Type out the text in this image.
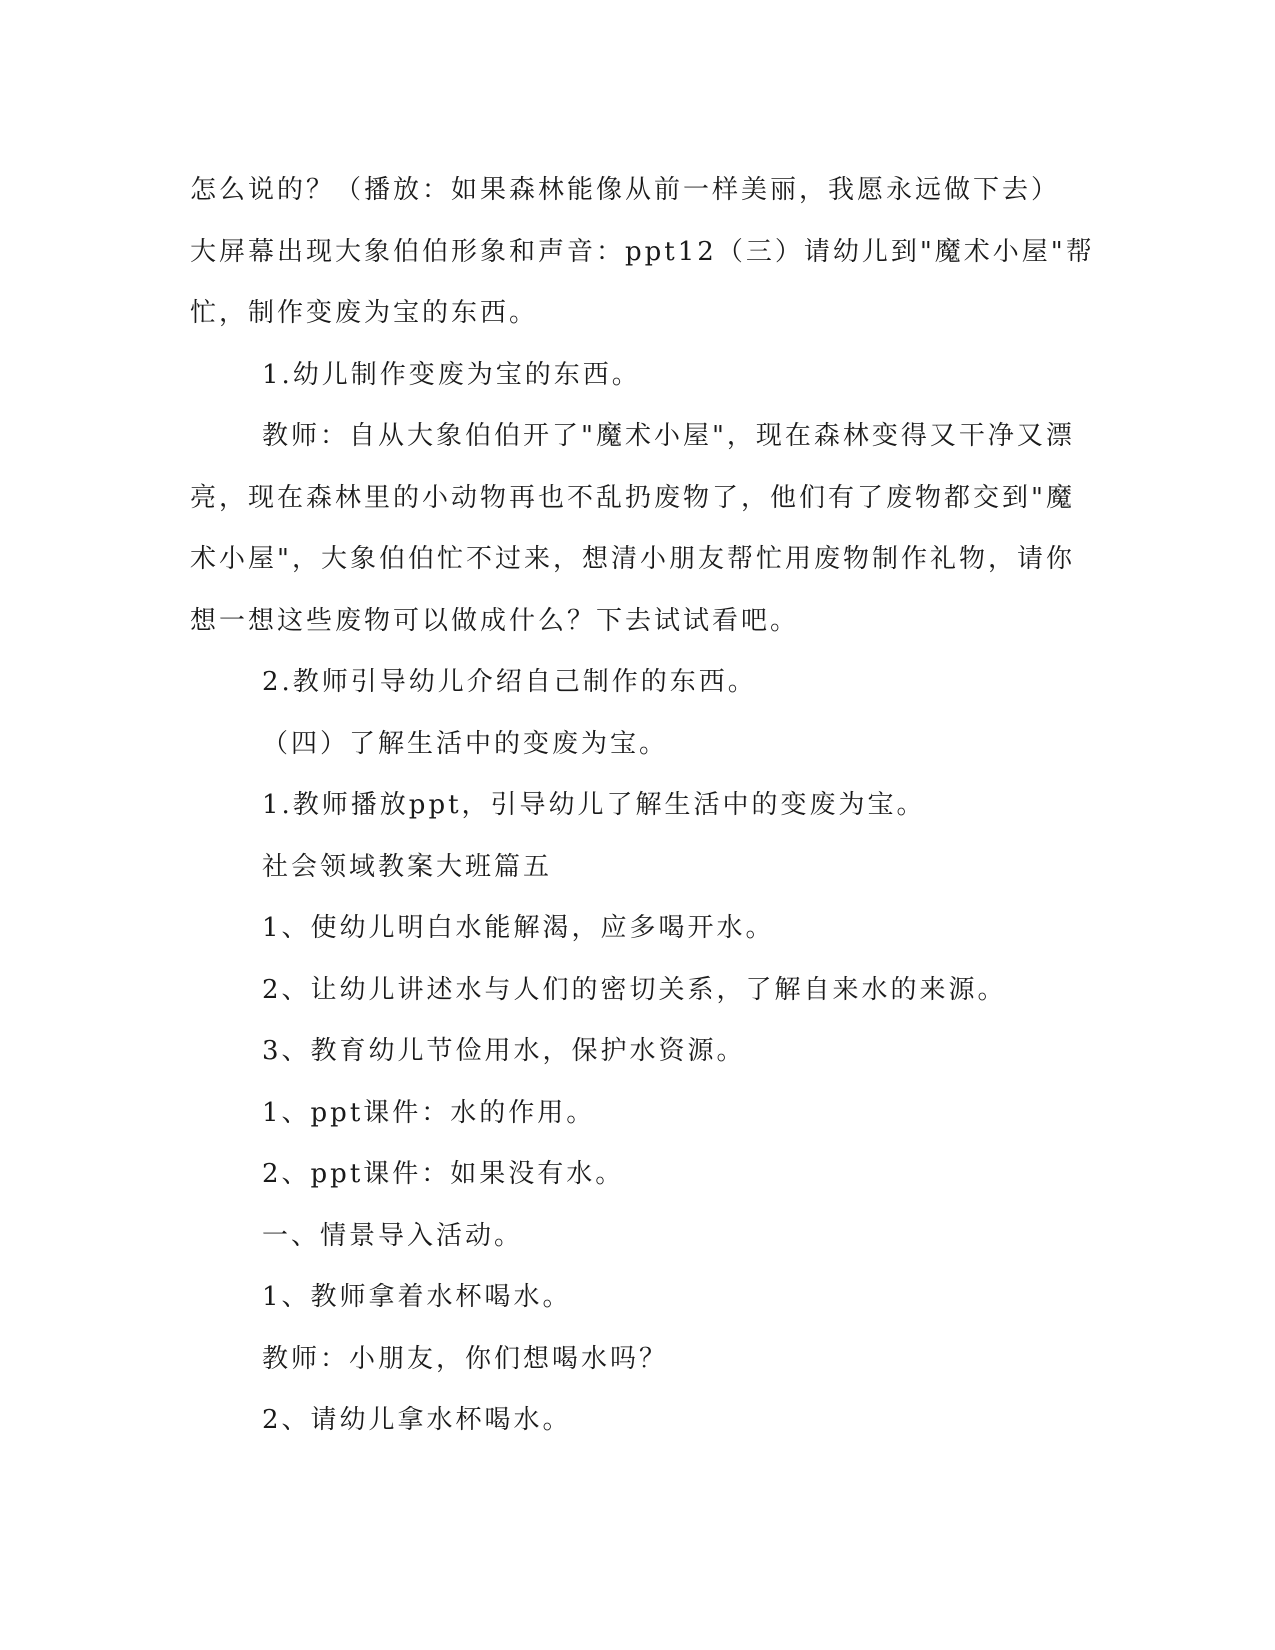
怎么说的？（播放：如果森林能像从前一样美丽，我愿永远做下去）
大屏幕出现大象伯伯形象和声音：ppt12（三）请幼儿到"魔术小屋"帮
忙，制作变废为宝的东西。
1.幼儿制作变废为宝的东西。
教师：自从大象伯伯开了"魔术小屋"，现在森林变得又干净又漂
亮，现在森林里的小动物再也不乱扔废物了，他们有了废物都交到"魔
术小屋"，大象伯伯忙不过来，想清小朋友帮忙用废物制作礼物，请你
想一想这些废物可以做成什么？下去试试看吧。
2.教师引导幼儿介绍自己制作的东西。
（四）了解生活中的变废为宝。
1.教师播放ppt，引导幼儿了解生活中的变废为宝。
社会领域教案大班篇五
1、使幼儿明白水能解渴，应多喝开水。
2、让幼儿讲述水与人们的密切关系，了解自来水的来源。
3、教育幼儿节俭用水，保护水资源。
1、ppt课件：水的作用。
2、ppt课件：如果没有水。
一、情景导入活动。
1、教师拿着水杯喝水。
教师：小朋友，你们想喝水吗？
2、请幼儿拿水杯喝水。
